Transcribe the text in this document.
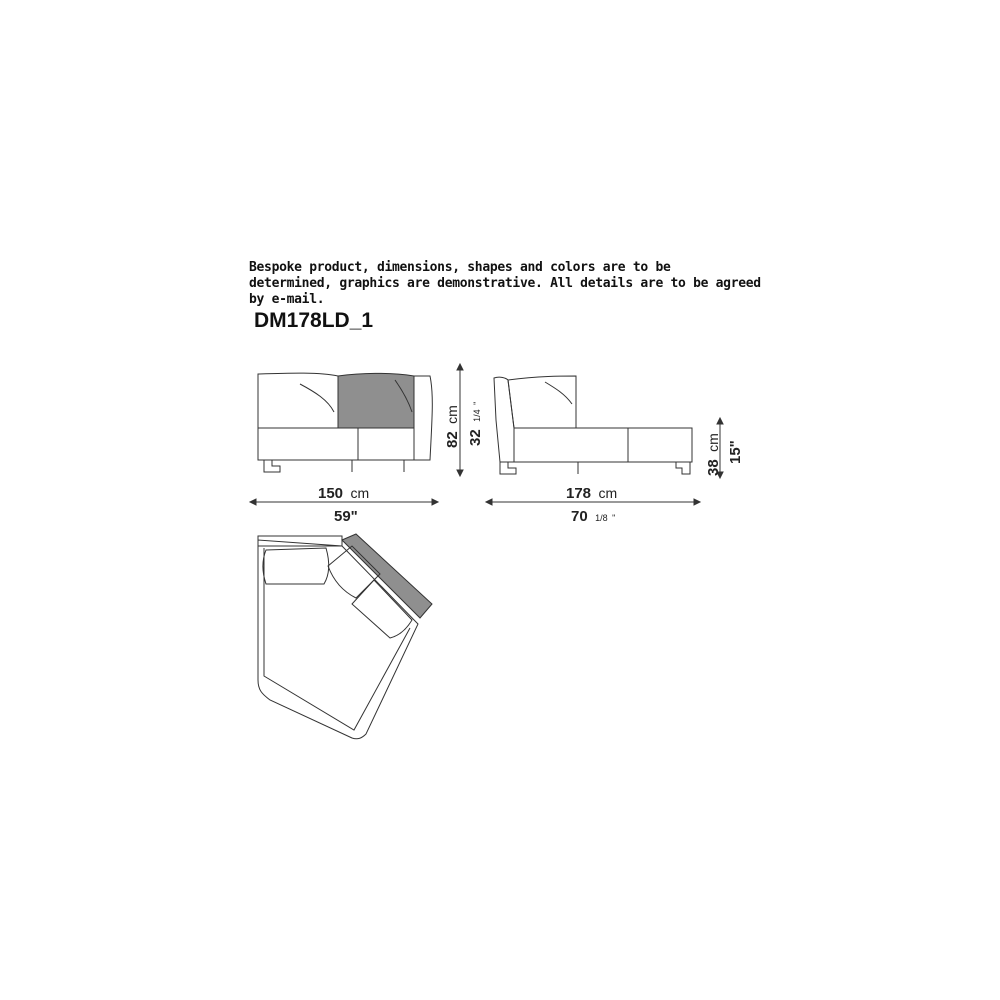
Bespoke product, dimensions, shapes and colors are to be
determined, graphics are demonstrative. All details are to be agreed
by e-mail.
DM178LD_1
150 cm
59"
82 cm
32 1/4 "
178 cm
70 1/8 "
38 cm 15"
